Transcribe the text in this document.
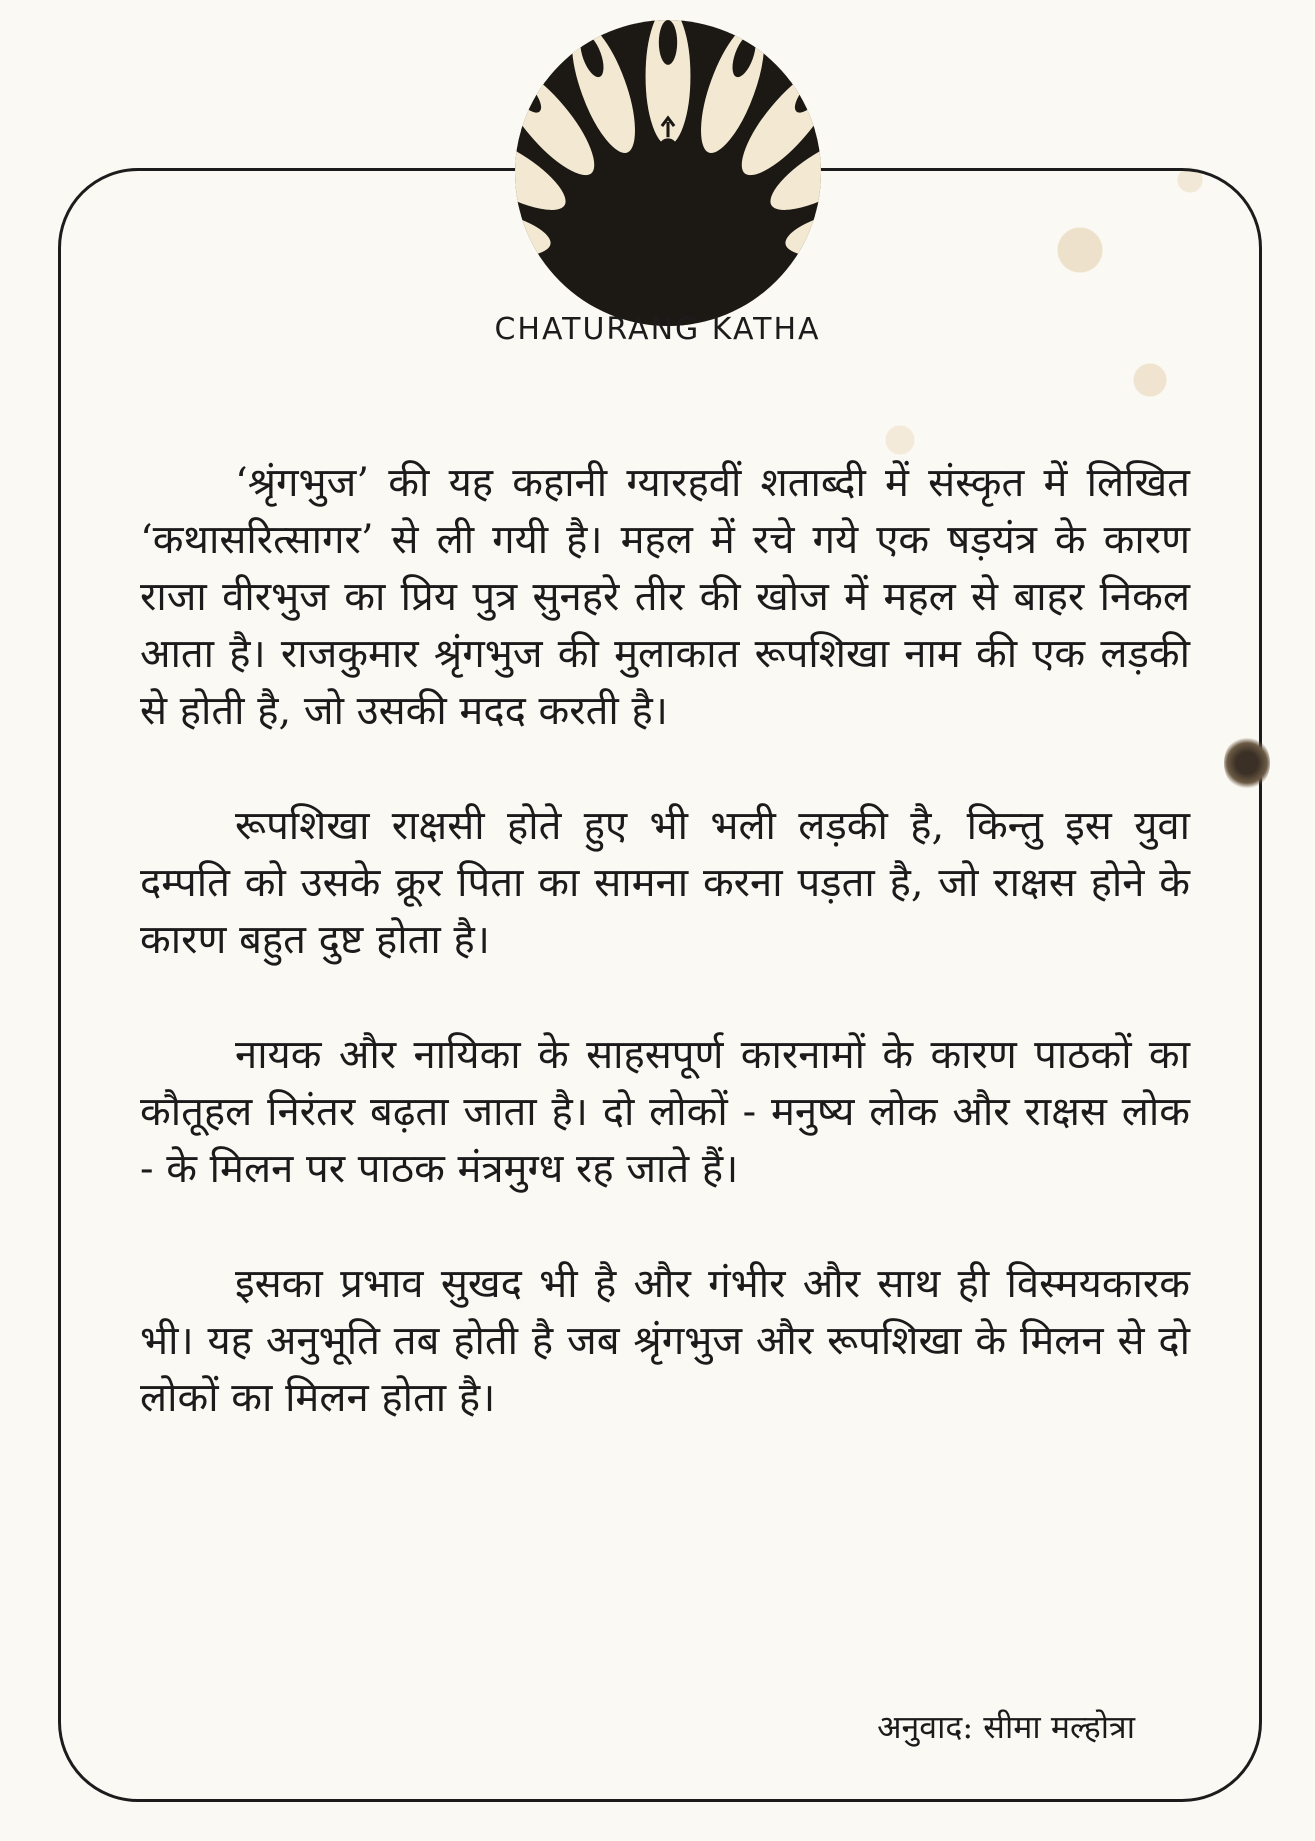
CHATURANG KATHA

‘श्रृंगभुज’ की यह कहानी ग्यारहवीं शताब्दी में संस्कृत में लिखित ‘कथासरित्सागर’ से ली गयी है। महल में रचे गये एक षड़यंत्र के कारण राजा वीरभुज का प्रिय पुत्र सुनहरे तीर की खोज में महल से बाहर निकल आता है। राजकुमार श्रृंगभुज की मुलाकात रूपशिखा नाम की एक लड़की से होती है, जो उसकी मदद करती है।

रूपशिखा राक्षसी होते हुए भी भली लड़की है, किन्तु इस युवा दम्पति को उसके क्रूर पिता का सामना करना पड़ता है, जो राक्षस होने के कारण बहुत दुष्ट होता है।

नायक और नायिका के साहसपूर्ण कारनामों के कारण पाठकों का कौतूहल निरंतर बढ़ता जाता है। दो लोकों - मनुष्य लोक और राक्षस लोक - के मिलन पर पाठक मंत्रमुग्ध रह जाते हैं।

इसका प्रभाव सुखद भी है और गंभीर और साथ ही विस्मयकारक भी। यह अनुभूति तब होती है जब श्रृंगभुज और रूपशिखा के मिलन से दो लोकों का मिलन होता है।

अनुवाद: सीमा मल्होत्रा
